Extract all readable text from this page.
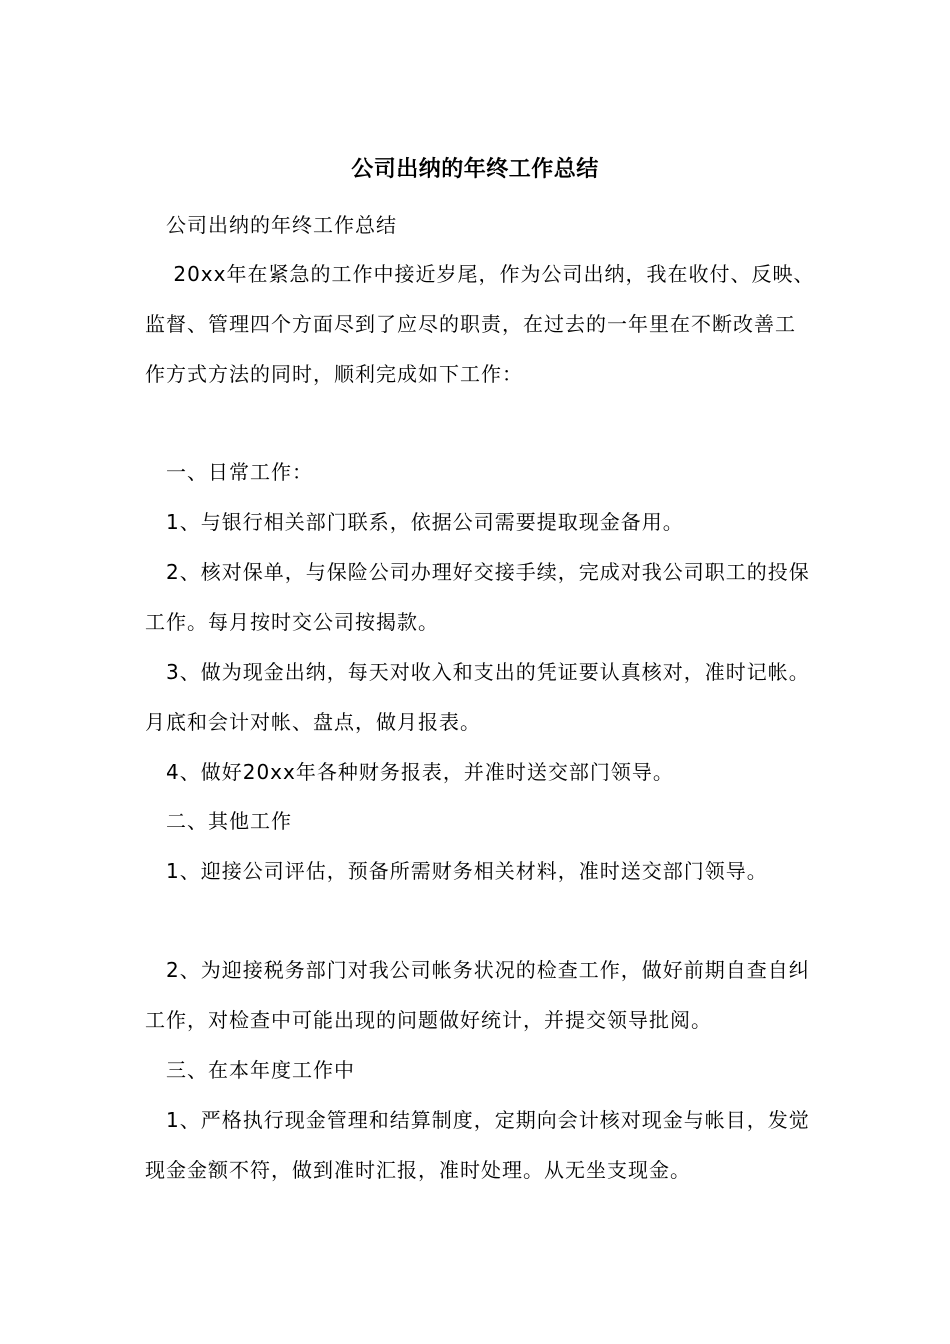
公司出纳的年终工作总结

　公司出纳的年终工作总结

　 20xx年在紧急的工作中接近岁尾，作为公司出纳，我在收付、反映、监督、管理四个方面尽到了应尽的职责，在过去的一年里在不断改善工作方式方法的同时，顺利完成如下工作：

　一、日常工作：

　1、与银行相关部门联系，依据公司需要提取现金备用。

　2、核对保单，与保险公司办理好交接手续，完成对我公司职工的投保工作。每月按时交公司按揭款。

　3、做为现金出纳，每天对收入和支出的凭证要认真核对，准时记帐。月底和会计对帐、盘点，做月报表。

　4、做好20xx年各种财务报表，并准时送交部门领导。

　二、其他工作

　1、迎接公司评估，预备所需财务相关材料，准时送交部门领导。

　2、为迎接税务部门对我公司帐务状况的检查工作，做好前期自查自纠工作，对检查中可能出现的问题做好统计，并提交领导批阅。

　三、在本年度工作中

　1、严格执行现金管理和结算制度，定期向会计核对现金与帐目，发觉现金金额不符，做到准时汇报，准时处理。从无坐支现金。
